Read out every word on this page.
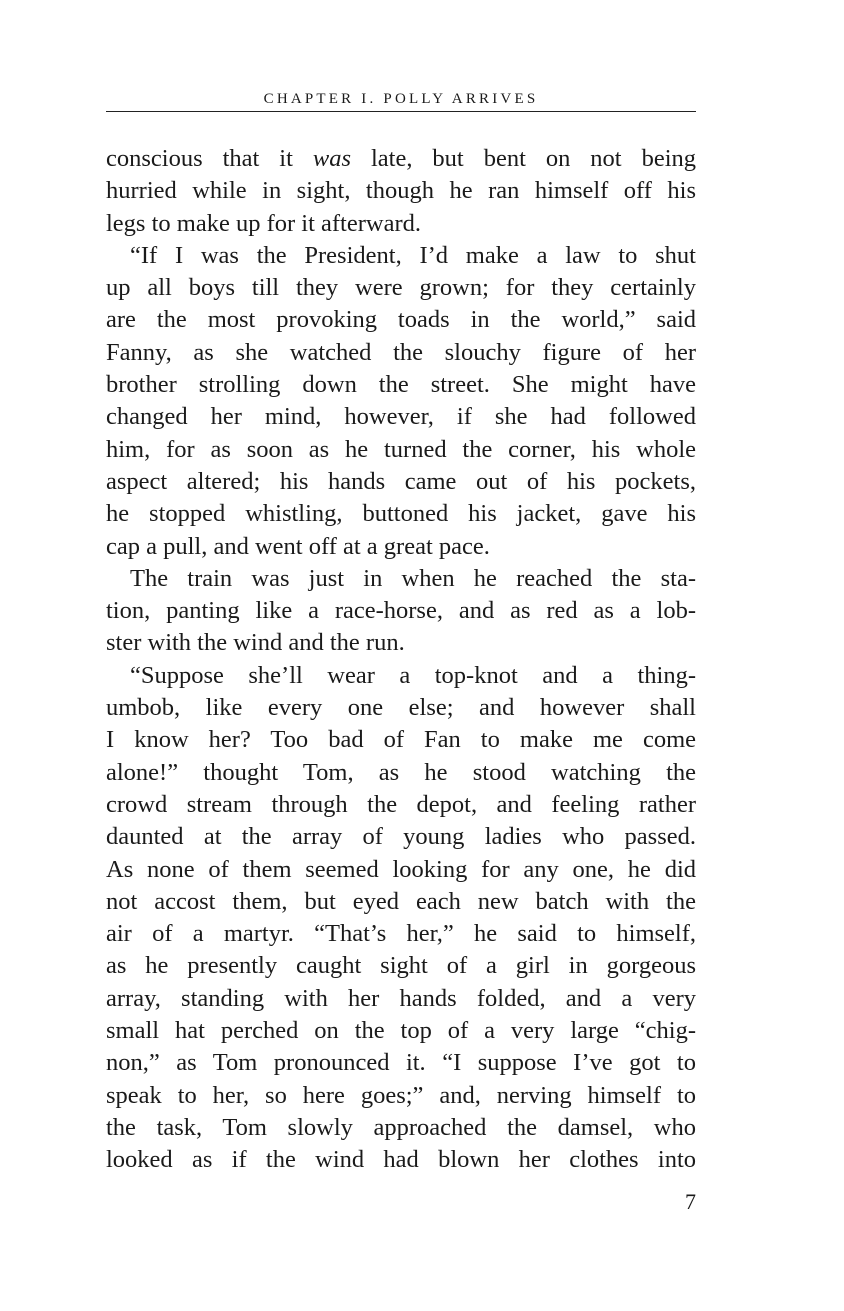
CHAPTER I. POLLY ARRIVES
conscious that it was late, but bent on not being
hurried while in sight, though he ran himself off his
legs to make up for it afterward.
“If I was the President, I’d make a law to shut
up all boys till they were grown; for they certainly
are the most provoking toads in the world,” said
Fanny, as she watched the slouchy figure of her
brother strolling down the street. She might have
changed her mind, however, if she had followed
him, for as soon as he turned the corner, his whole
aspect altered; his hands came out of his pockets,
he stopped whistling, buttoned his jacket, gave his
cap a pull, and went off at a great pace.
The train was just in when he reached the sta-
tion, panting like a race-horse, and as red as a lob-
ster with the wind and the run.
“Suppose she’ll wear a top-knot and a thing-
umbob, like every one else; and however shall
I know her? Too bad of Fan to make me come
alone!” thought Tom, as he stood watching the
crowd stream through the depot, and feeling rather
daunted at the array of young ladies who passed.
As none of them seemed looking for any one, he did
not accost them, but eyed each new batch with the
air of a martyr. “That’s her,” he said to himself,
as he presently caught sight of a girl in gorgeous
array, standing with her hands folded, and a very
small hat perched on the top of a very large “chig-
non,” as Tom pronounced it. “I suppose I’ve got to
speak to her, so here goes;” and, nerving himself to
the task, Tom slowly approached the damsel, who
looked as if the wind had blown her clothes into
7
